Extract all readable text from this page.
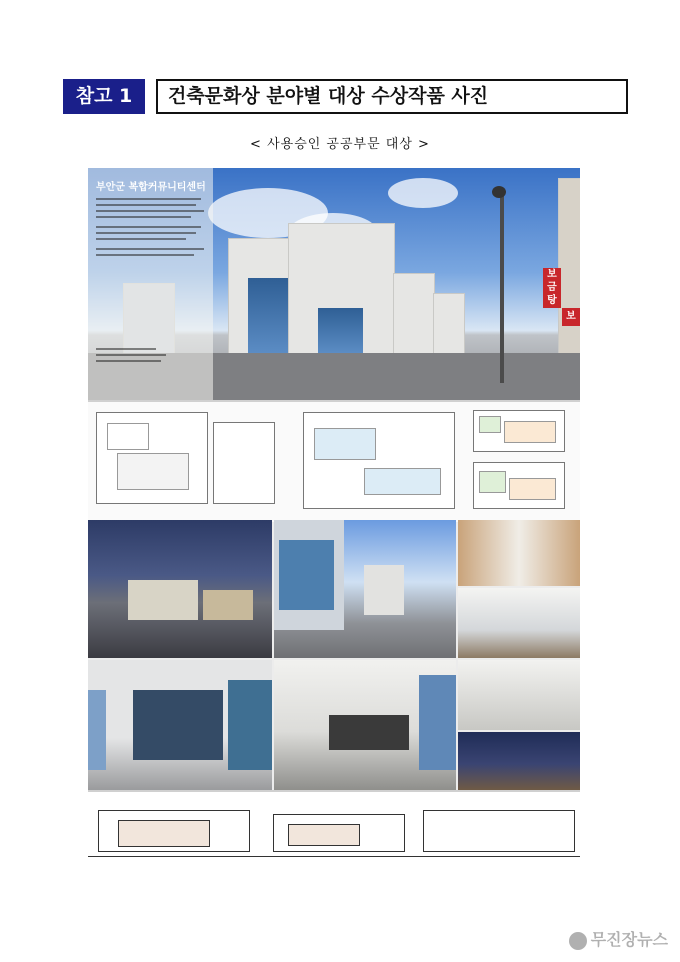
참고 1	건축문화상 분야별 대상 수상작품 사진
< 사용승인 공공부문 대상 >
보금탕
보
부안군 복합커뮤니티센터
무진장뉴스
